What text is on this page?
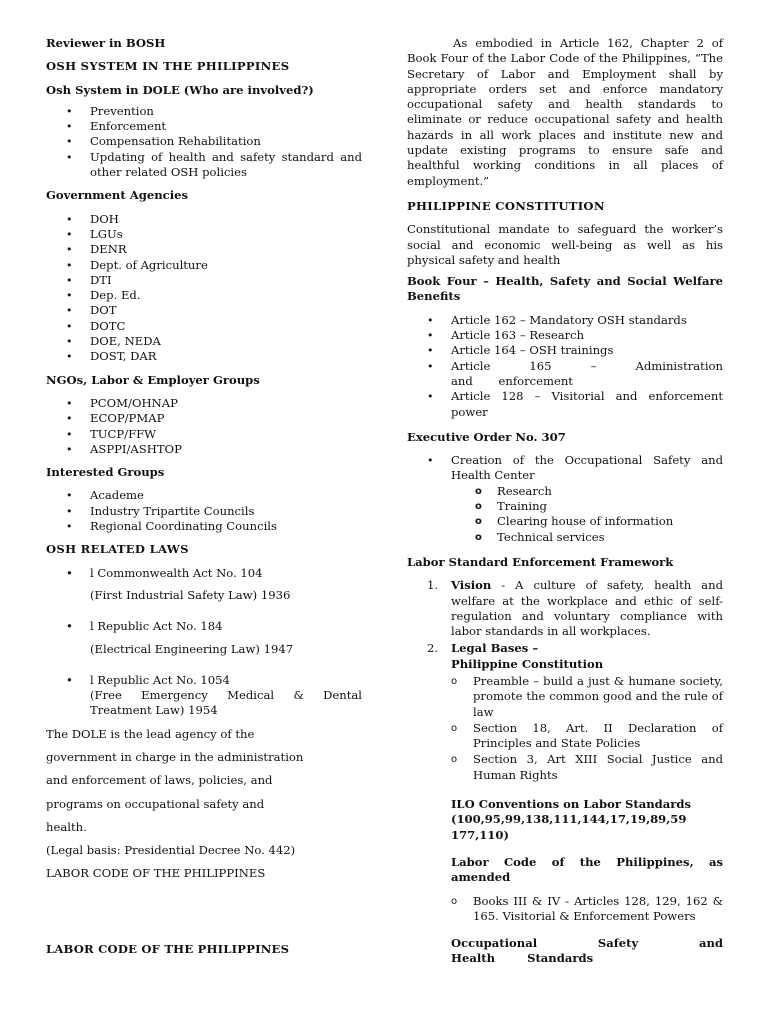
Reviewer in BOSH
OSH SYSTEM IN THE PHILIPPINES
Osh System in DOLE (Who are involved?)
• Prevention
• Enforcement
• Compensation Rehabilitation
• Updating of health and safety standard and other related OSH policies
Government Agencies
• DOH
• LGUs
• DENR
• Dept. of Agriculture
• DTI
• Dep. Ed.
• DOT
• DOTC
• DOE, NEDA
• DOST, DAR
NGOs, Labor & Employer Groups
• PCOM/OHNAP
• ECOP/PMAP
• TUCP/FFW
• ASPPI/ASHTOP
Interested Groups
• Academe
• Industry Tripartite Councils
• Regional Coordinating Councils
OSH RELATED LAWS
• l Commonwealth Act No. 104
(First Industrial Safety Law) 1936
• l Republic Act No. 184
(Electrical Engineering Law) 1947
• l Republic Act No. 1054
(Free Emergency Medical & Dental Treatment Law) 1954

The DOLE is the lead agency of the

government in charge in the administration

and enforcement of laws, policies, and

programs on occupational safety and

health.

(Legal basis: Presidential Decree No. 442)

LABOR CODE OF THE PHILIPPINES

LABOR CODE OF THE PHILIPPINES

As embodied in Article 162, Chapter 2 of Book Four of the Labor Code of the Philippines, “The Secretary of Labor and Employment shall by appropriate orders set and enforce mandatory occupational safety and health standards to eliminate or reduce occupational safety and health hazards in all work places and institute new and update existing programs to ensure safe and healthful working conditions in all places of employment.”

PHILIPPINE CONSTITUTION

Constitutional mandate to safeguard the worker’s social and economic well-being as well as his physical safety and health

Book Four – Health, Safety and Social Welfare Benefits
• Article 162 – Mandatory OSH standards
• Article 163 – Research
• Article 164 – OSH trainings
• Article 165 – Administration and enforcement
• Article 128 – Visitorial and enforcement power
Executive Order No. 307
• Creation of the Occupational Safety and Health Center
o Research
o Training
o Clearing house of information
o Technical services
Labor Standard Enforcement Framework
1. Vision - A culture of safety, health and welfare at the workplace and ethic of self-regulation and voluntary compliance with labor standards in all workplaces.
2. Legal Bases –
Philippine Constitution
o Preamble – build a just & humane society, promote the common good and the rule of law
o Section 18, Art. II Declaration of Principles and State Policies
o Section 3, Art XIII Social Justice and Human Rights
ILO Conventions on Labor Standards (100,95,99,138,111,144,17,19,89,59 177,110)
Labor Code of the Philippines, as amended
o Books III & IV - Articles 128, 129, 162 & 165. Visitorial & Enforcement Powers
Occupational Safety and Health Standards
